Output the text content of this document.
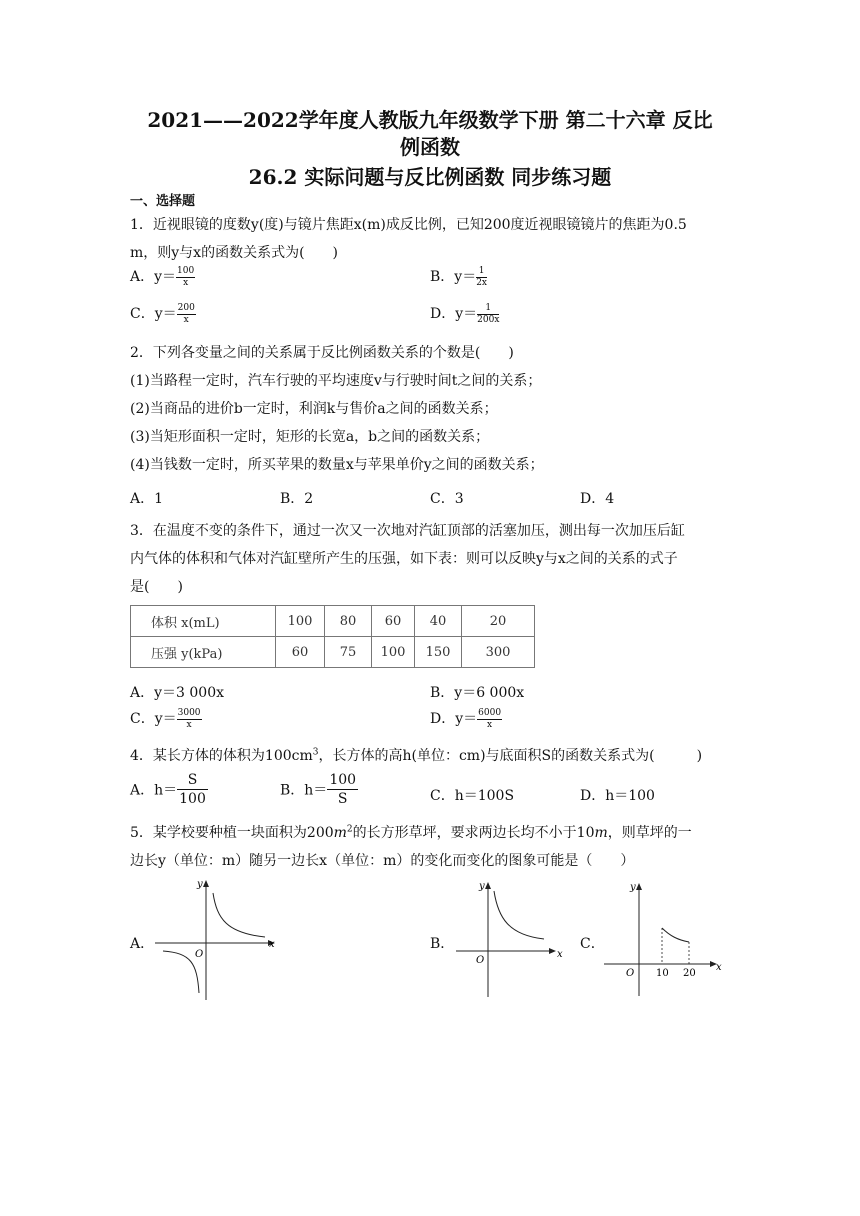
2021——2022学年度人教版九年级数学下册 第二十六章 反比
例函数
26.2 实际问题与反比例函数 同步练习题
一、选择题
1．近视眼镜的度数y(度)与镜片焦距x(m)成反比例，已知200度近视眼镜镜片的焦距为0.5
m，则y与x的函数关系式为(　　)
A．$y= \frac{100}{x}$	B．$y= \frac{1}{2x}$
C．$y= \frac{200}{x}$	D．$y= \frac{1}{200x}$
2．下列各变量之间的关系属于反比例函数关系的个数是(　　)
(1)当路程一定时，汽车行驶的平均速度v与行驶时间t之间的关系；
(2)当商品的进价b一定时，利润k与售价a之间的函数关系；
(3)当矩形面积一定时，矩形的长宽a，b之间的函数关系；
(4)当钱数一定时，所买苹果的数量x与苹果单价y之间的函数关系；
A．1	B．2	C．3	D．4
3．在温度不变的条件下，通过一次又一次地对汽缸顶部的活塞加压，测出每一次加压后缸
内气体的体积和气体对汽缸壁所产生的压强，如下表：则可以反映y与x之间的关系的式子
是(　　)
体积 x(mL)	100	80	60	40	20
压强 y(kPa)	60	75	100	150	300
A．y＝3 000x	B．y＝6 000x
C．$y= \frac{3000}{x}$	D．$y= \frac{6000}{x}$
4．某长方体的体积为$100cm^3$，长方体的高h(单位：cm)与底面积S的函数关系式为(　　　)
A．$h= \frac{S}{100}$	B．$h= \frac{100}{S}$	C．h＝100S	D．h＝100
5．某学校要种植一块面积为$200m^2$的长方形草坪，要求两边长均不小于10m，则草坪的一
边长y（单位：m）随另一边长x（单位：m）的变化而变化的图象可能是（　　）
A．	B．	C．
x
y
O	x
y
O
x
y
O 10 20
